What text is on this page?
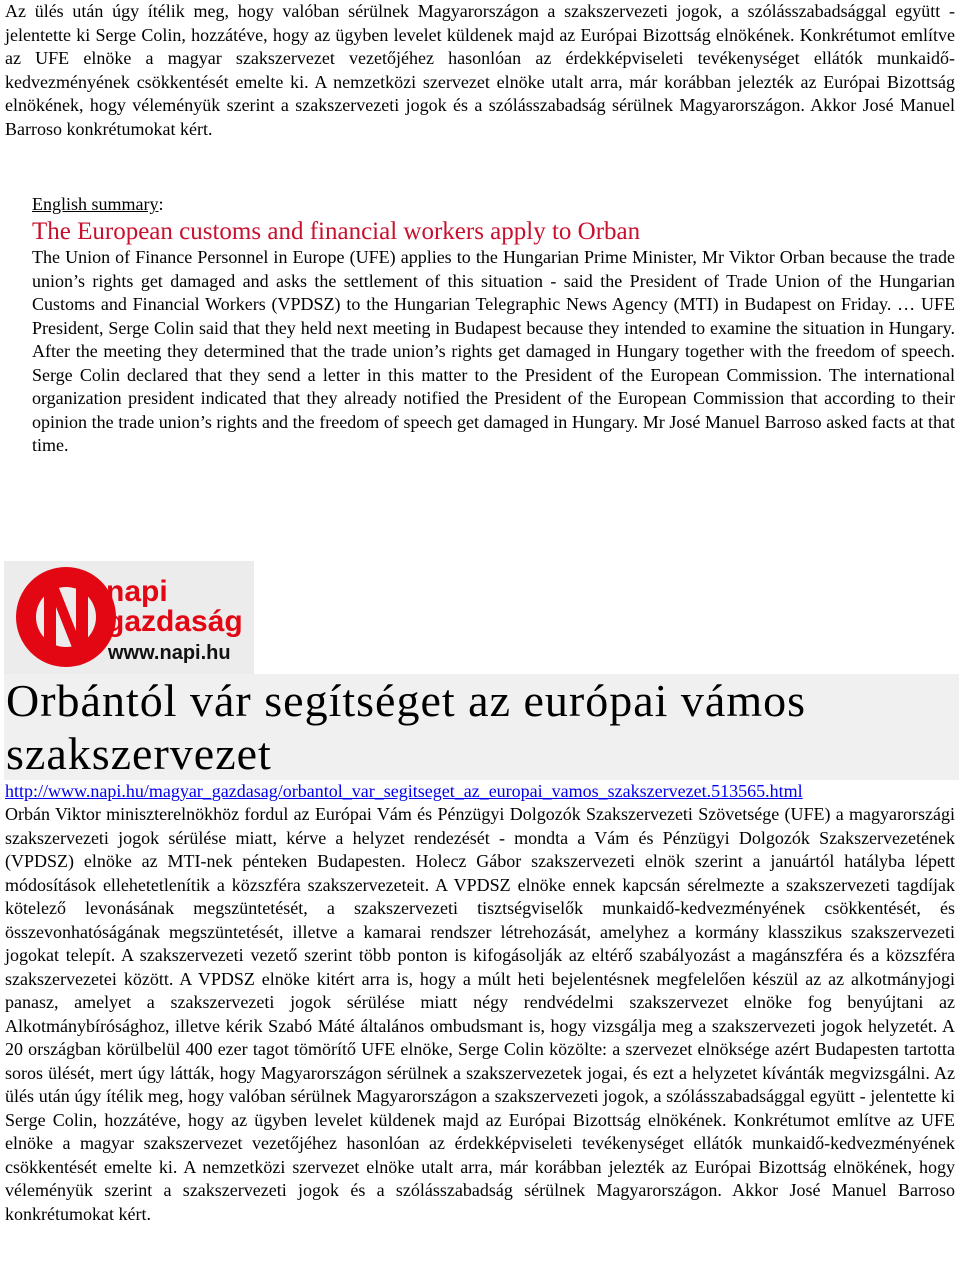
Az ülés után úgy ítélik meg, hogy valóban sérülnek Magyarországon a szakszervezeti jogok, a szólásszabadsággal együtt - jelentette ki Serge Colin, hozzátéve, hogy az ügyben levelet küldenek majd az Európai Bizottság elnökének. Konkrétumot említve az UFE elnöke a magyar szakszervezet vezetőjéhez hasonlóan az érdekképviseleti tevékenységet ellátók munkaidő-kedvezményének csökkentését emelte ki. A nemzetközi szervezet elnöke utalt arra, már korábban jelezték az Európai Bizottság elnökének, hogy véleményük szerint a szakszervezeti jogok és a szólásszabadság sérülnek Magyarországon. Akkor José Manuel Barroso konkrétumokat kért.

English summary:
The European customs and financial workers apply to Orban

The Union of Finance Personnel in Europe (UFE) applies to the Hungarian Prime Minister, Mr Viktor Orban because the trade union’s rights get damaged and asks the settlement of this situation - said the President of Trade Union of the Hungarian Customs and Financial Workers (VPDSZ) to the Hungarian Telegraphic News Agency (MTI) in Budapest on Friday. … UFE President, Serge Colin said that they held next meeting in Budapest because they intended to examine the situation in Hungary. After the meeting they determined that the trade union’s rights get damaged in Hungary together with the freedom of speech. Serge Colin declared that they send a letter in this matter to the President of the European Commission. The international organization president indicated that they already notified the President of the European Commission that according to their opinion the trade union’s rights and the freedom of speech get damaged in Hungary. Mr José Manuel Barroso asked facts at that time.

napi
gazdaság
www.napi.hu
Orbántól vár segítséget az európai vámos
szakszervezet
http://www.napi.hu/magyar_gazdasag/orbantol_var_segitseget_az_europai_vamos_szakszervezet.513565.html

Orbán Viktor miniszterelnökhöz fordul az Európai Vám és Pénzügyi Dolgozók Szakszervezeti Szövetsége (UFE) a magyarországi szakszervezeti jogok sérülése miatt, kérve a helyzet rendezését - mondta a Vám és Pénzügyi Dolgozók Szakszervezetének (VPDSZ) elnöke az MTI-nek pénteken Budapesten. Holecz Gábor szakszervezeti elnök szerint a januártól hatályba lépett módosítások ellehetetlenítik a közszféra szakszervezeteit. A VPDSZ elnöke ennek kapcsán sérelmezte a szakszervezeti tagdíjak kötelező levonásának megszüntetését, a szakszervezeti tisztségviselők munkaidő-kedvezményének csökkentését, és összevonhatóságának megszüntetését, illetve a kamarai rendszer létrehozását, amelyhez a kormány klasszikus szakszervezeti jogokat telepít. A szakszervezeti vezető szerint több ponton is kifogásolják az eltérő szabályozást a magánszféra és a közszféra szakszervezetei között. A VPDSZ elnöke kitért arra is, hogy a múlt heti bejelentésnek megfelelően készül az az alkotmányjogi panasz, amelyet a szakszervezeti jogok sérülése miatt négy rendvédelmi szakszervezet elnöke fog benyújtani az Alkotmánybírósághoz, illetve kérik Szabó Máté általános ombudsmant is, hogy vizsgálja meg a szakszervezeti jogok helyzetét. A 20 országban körülbelül 400 ezer tagot tömörítő UFE elnöke, Serge Colin közölte: a szervezet elnöksége azért Budapesten tartotta soros ülését, mert úgy látták, hogy Magyarországon sérülnek a szakszervezetek jogai, és ezt a helyzetet kívánták megvizsgálni. Az ülés után úgy ítélik meg, hogy valóban sérülnek Magyarországon a szakszervezeti jogok, a szólásszabadsággal együtt - jelentette ki Serge Colin, hozzátéve, hogy az ügyben levelet küldenek majd az Európai Bizottság elnökének. Konkrétumot említve az UFE elnöke a magyar szakszervezet vezetőjéhez hasonlóan az érdekképviseleti tevékenységet ellátók munkaidő-kedvezményének csökkentését emelte ki. A nemzetközi szervezet elnöke utalt arra, már korábban jelezték az Európai Bizottság elnökének, hogy véleményük szerint a szakszervezeti jogok és a szólásszabadság sérülnek Magyarországon. Akkor José Manuel Barroso konkrétumokat kért.
